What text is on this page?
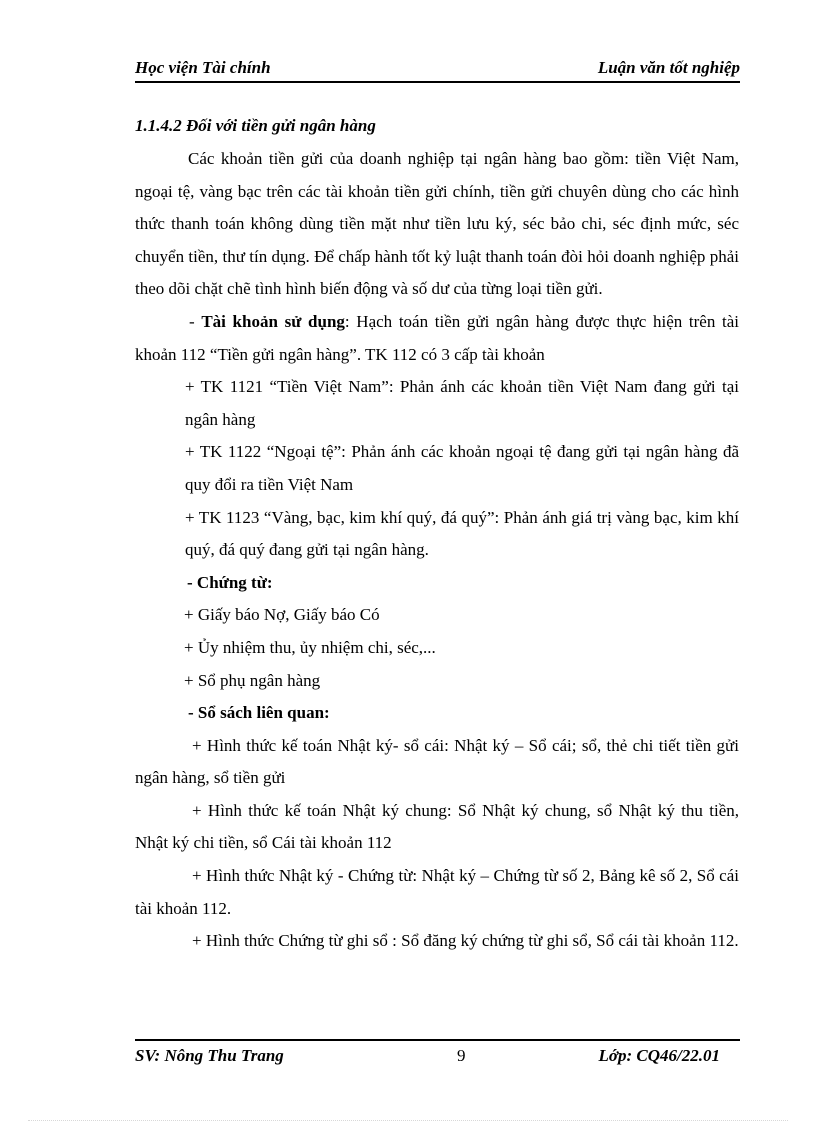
Học viện Tài chính	Luận văn tốt nghiệp
1.1.4.2 Đối với tiền gửi ngân hàng

Các khoản tiền gửi của doanh nghiệp tại ngân hàng bao gồm: tiền Việt Nam, ngoại tệ, vàng bạc trên các tài khoản tiền gửi chính, tiền gửi chuyên dùng cho các hình thức thanh toán không dùng tiền mặt như tiền lưu ký, séc bảo chi, séc định mức, séc chuyển tiền, thư tín dụng. Để chấp hành tốt kỷ luật thanh toán đòi hỏi doanh nghiệp phải theo dõi chặt chẽ tình hình biến động và số dư của từng loại tiền gửi.

- Tài khoản sử dụng: Hạch toán tiền gửi ngân hàng được thực hiện trên tài khoản 112 “Tiền gửi ngân hàng”. TK 112 có 3 cấp tài khoản

+ TK 1121 “Tiền Việt Nam”: Phản ánh các khoản tiền Việt Nam đang gửi tại ngân hàng

+ TK 1122 “Ngoại tệ”: Phản ánh các khoản ngoại tệ đang gửi tại ngân hàng đã quy đổi ra tiền Việt Nam

+ TK 1123 “Vàng, bạc, kim khí quý, đá quý”: Phản ánh giá trị vàng bạc, kim khí quý, đá quý đang gửi tại ngân hàng.

- Chứng từ:

+ Giấy báo Nợ, Giấy báo Có

+ Ủy nhiệm thu, ủy nhiệm chi, séc,...

+ Sổ phụ ngân hàng

- Sổ sách liên quan:

+ Hình thức kế toán Nhật ký- sổ cái: Nhật ký – Sổ cái; sổ, thẻ chi tiết tiền gửi ngân hàng, sổ tiền gửi

+ Hình thức kế toán Nhật ký chung: Sổ Nhật ký chung, sổ Nhật ký thu tiền, Nhật ký chi tiền, sổ Cái tài khoản 112

+ Hình thức Nhật ký - Chứng từ: Nhật ký – Chứng từ số 2, Bảng kê số 2, Sổ cái tài khoản 112.

+ Hình thức Chứng từ ghi sổ : Sổ đăng ký chứng từ ghi sổ, Sổ cái tài khoản 112.

SV: Nông Thu Trang	9	Lớp: CQ46/22.01
